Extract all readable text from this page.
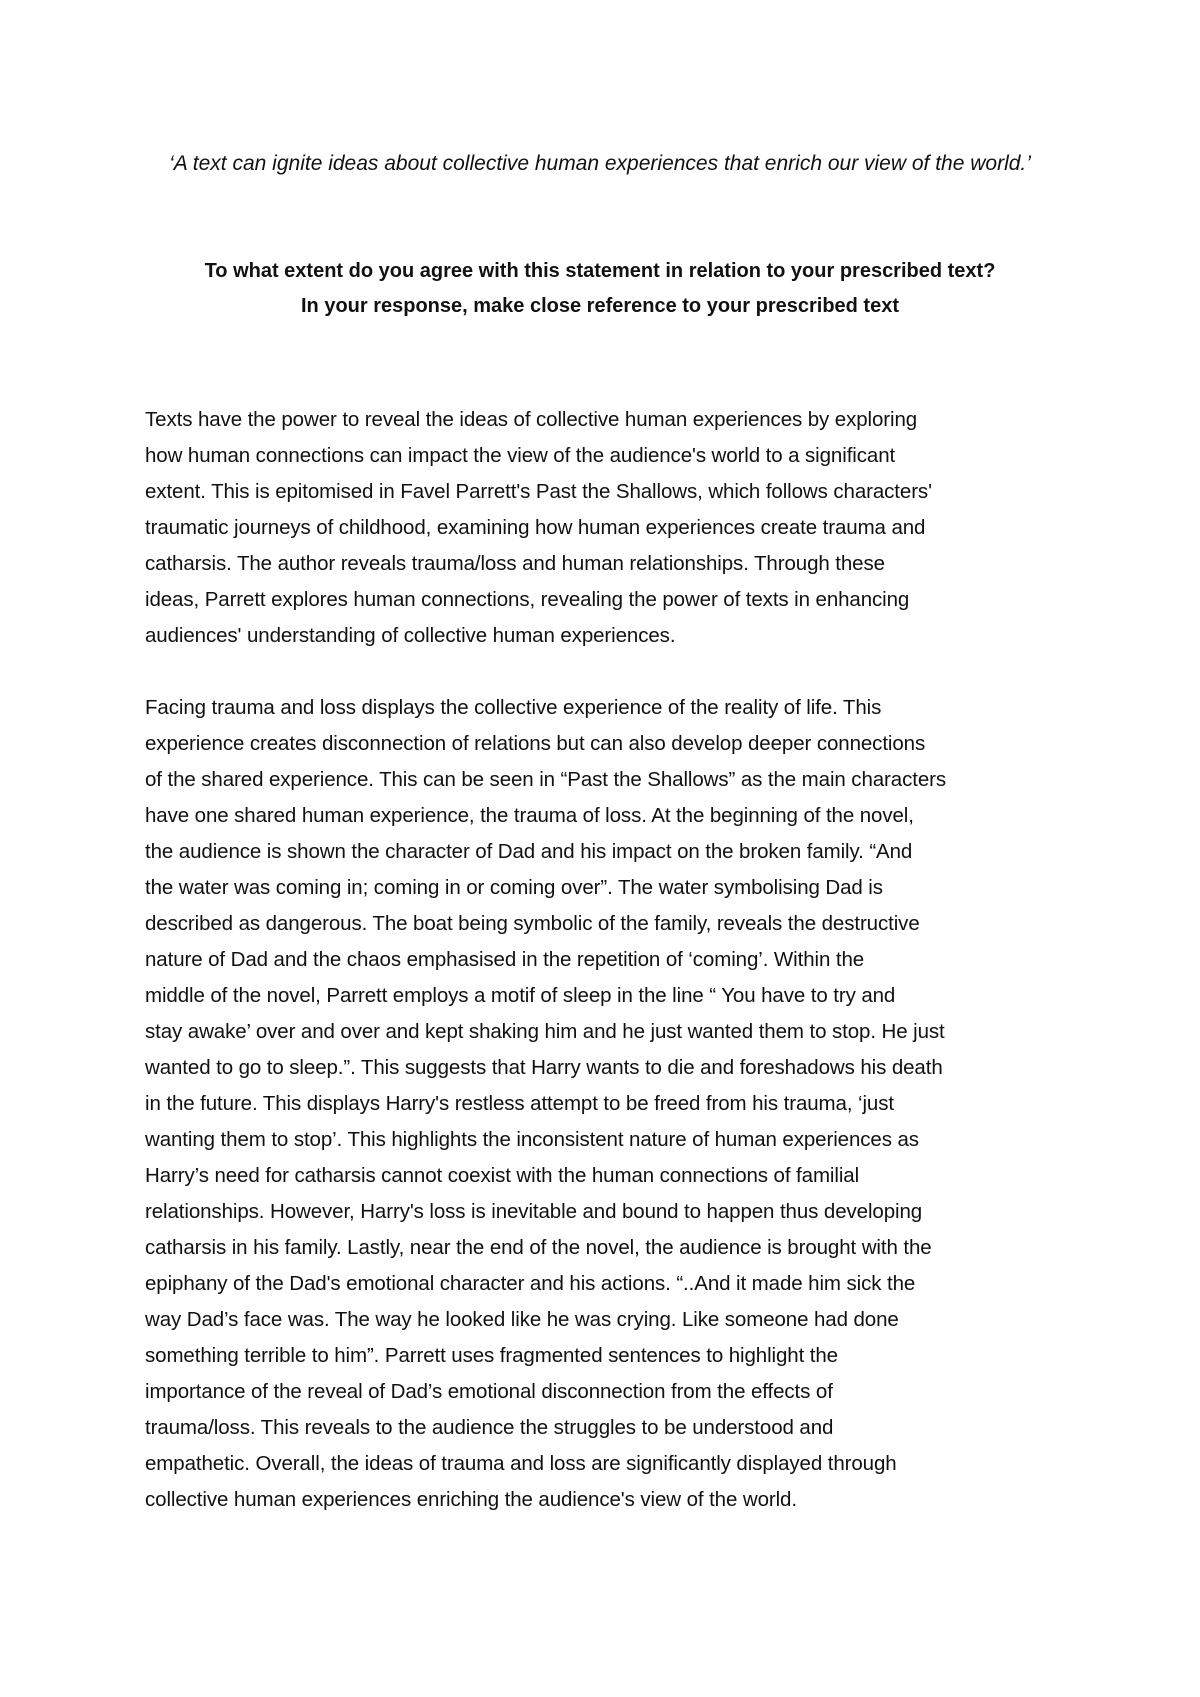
‘A text can ignite ideas about collective human experiences that enrich our view of the world.’

To what extent do you agree with this statement in relation to your prescribed text?
In your response, make close reference to your prescribed text

Texts have the power to reveal the ideas of collective human experiences by exploring
how human connections can impact the view of the audience's world to a significant
extent. This is epitomised in Favel Parrett's Past the Shallows, which follows characters'
traumatic journeys of childhood, examining how human experiences create trauma and
catharsis. The author reveals trauma/loss and human relationships. Through these
ideas, Parrett explores human connections, revealing the power of texts in enhancing
audiences' understanding of collective human experiences.

Facing trauma and loss displays the collective experience of the reality of life. This
experience creates disconnection of relations but can also develop deeper connections
of the shared experience. This can be seen in “Past the Shallows” as the main characters
have one shared human experience, the trauma of loss. At the beginning of the novel,
the audience is shown the character of Dad and his impact on the broken family. “And
the water was coming in; coming in or coming over”. The water symbolising Dad is
described as dangerous. The boat being symbolic of the family, reveals the destructive
nature of Dad and the chaos emphasised in the repetition of ‘coming’. Within the
middle of the novel, Parrett employs a motif of sleep in the line “ You have to try and
stay awake’ over and over and kept shaking him and he just wanted them to stop. He just
wanted to go to sleep.”. This suggests that Harry wants to die and foreshadows his death
in the future. This displays Harry's restless attempt to be freed from his trauma, ‘just
wanting them to stop’. This highlights the inconsistent nature of human experiences as
Harry’s need for catharsis cannot coexist with the human connections of familial
relationships. However, Harry's loss is inevitable and bound to happen thus developing
catharsis in his family. Lastly, near the end of the novel, the audience is brought with the
epiphany of the Dad's emotional character and his actions. “..And it made him sick the
way Dad’s face was. The way he looked like he was crying. Like someone had done
something terrible to him”. Parrett uses fragmented sentences to highlight the
importance of the reveal of Dad’s emotional disconnection from the effects of
trauma/loss. This reveals to the audience the struggles to be understood and
empathetic. Overall, the ideas of trauma and loss are significantly displayed through
collective human experiences enriching the audience's view of the world.
